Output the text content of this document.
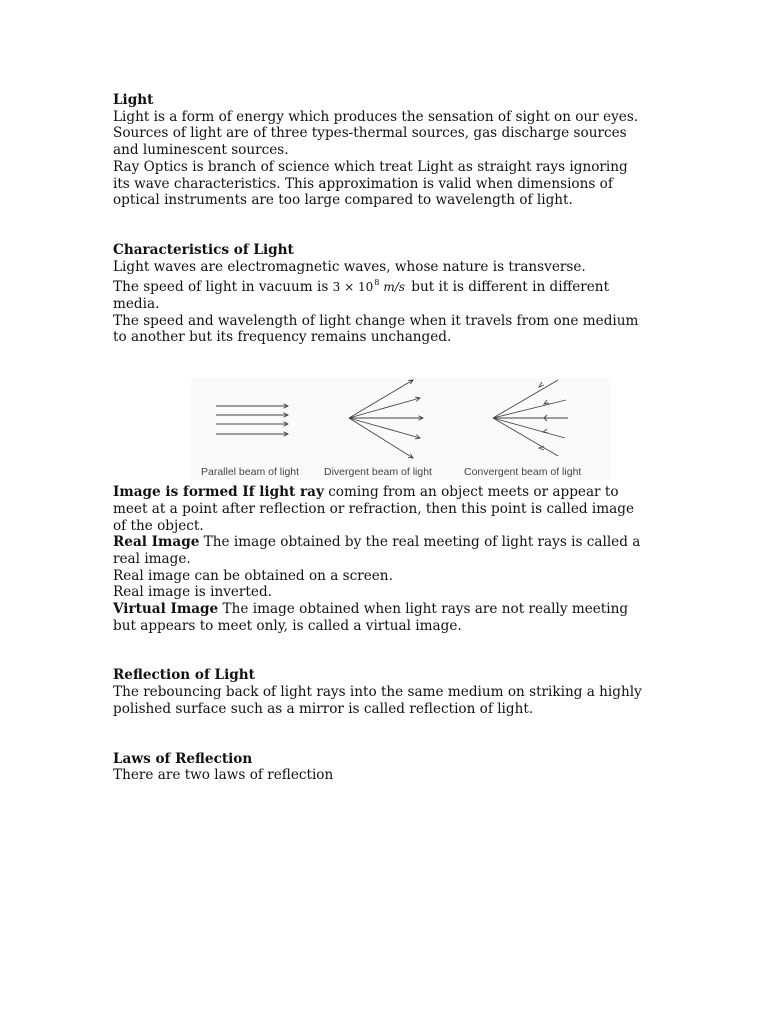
Light

Light is a form of energy which produces the sensation of sight on our eyes.

Sources of light are of three types-thermal sources, gas discharge sources

and luminescent sources.

Ray Optics is branch of science which treat Light as straight rays ignoring

its wave characteristics. This approximation is valid when dimensions of

optical instruments are too large compared to wavelength of light.

Characteristics of Light

Light waves are electromagnetic waves, whose nature is transverse.

The speed of light in vacuum is $3 \times 10^8$ m/s but it is different in different

media.

The speed and wavelength of light change when it travels from one medium

to another but its frequency remains unchanged.

Parallel beam of light Divergent beam of light	Convergent beam of light

Image is formed If light ray coming from an object meets or appear to

meet at a point after reflection or refraction, then this point is called image

of the object.

Real Image The image obtained by the real meeting of light rays is called a

real image.

Real image can be obtained on a screen.

Real image is inverted.

Virtual Image The image obtained when light rays are not really meeting

but appears to meet only, is called a virtual image.

Reflection of Light

The rebouncing back of light rays into the same medium on striking a highly

polished surface such as a mirror is called reflection of light.

Laws of Reflection

There are two laws of reflection
